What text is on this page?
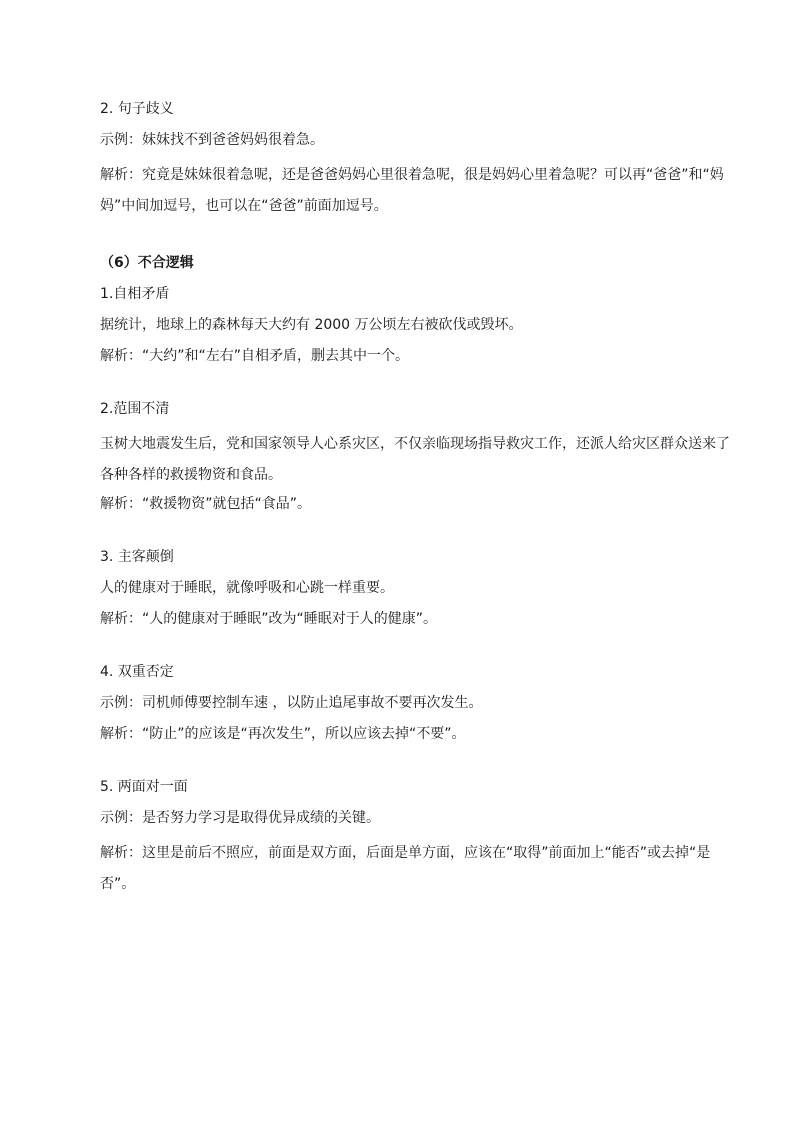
2. 句子歧义
示例：妹妹找不到爸爸妈妈很着急。
解析：究竟是妹妹很着急呢，还是爸爸妈妈心里很着急呢，很是妈妈心里着急呢？可以再“爸爸”和“妈妈”中间加逗号，也可以在“爸爸”前面加逗号。
（6）不合逻辑
1.自相矛盾
据统计，地球上的森林每天大约有 2000 万公顷左右被砍伐或毁坏。
解析：“大约”和“左右”自相矛盾，删去其中一个。
2.范围不清
玉树大地震发生后，党和国家领导人心系灾区，不仅亲临现场指导救灾工作，还派人给灾区群众送来了各种各样的救援物资和食品。
解析：“救援物资”就包括“食品”。
3. 主客颠倒
人的健康对于睡眠，就像呼吸和心跳一样重要。
解析：“人的健康对于睡眠”改为“睡眠对于人的健康”。
4. 双重否定
示例：司机师傅要控制车速 ，以防止追尾事故不要再次发生。
解析：“防止”的应该是“再次发生”，所以应该去掉“不要”。
5. 两面对一面
示例：是否努力学习是取得优异成绩的关键。
解析：这里是前后不照应，前面是双方面，后面是单方面，应该在“取得”前面加上“能否”或去掉“是否”。
